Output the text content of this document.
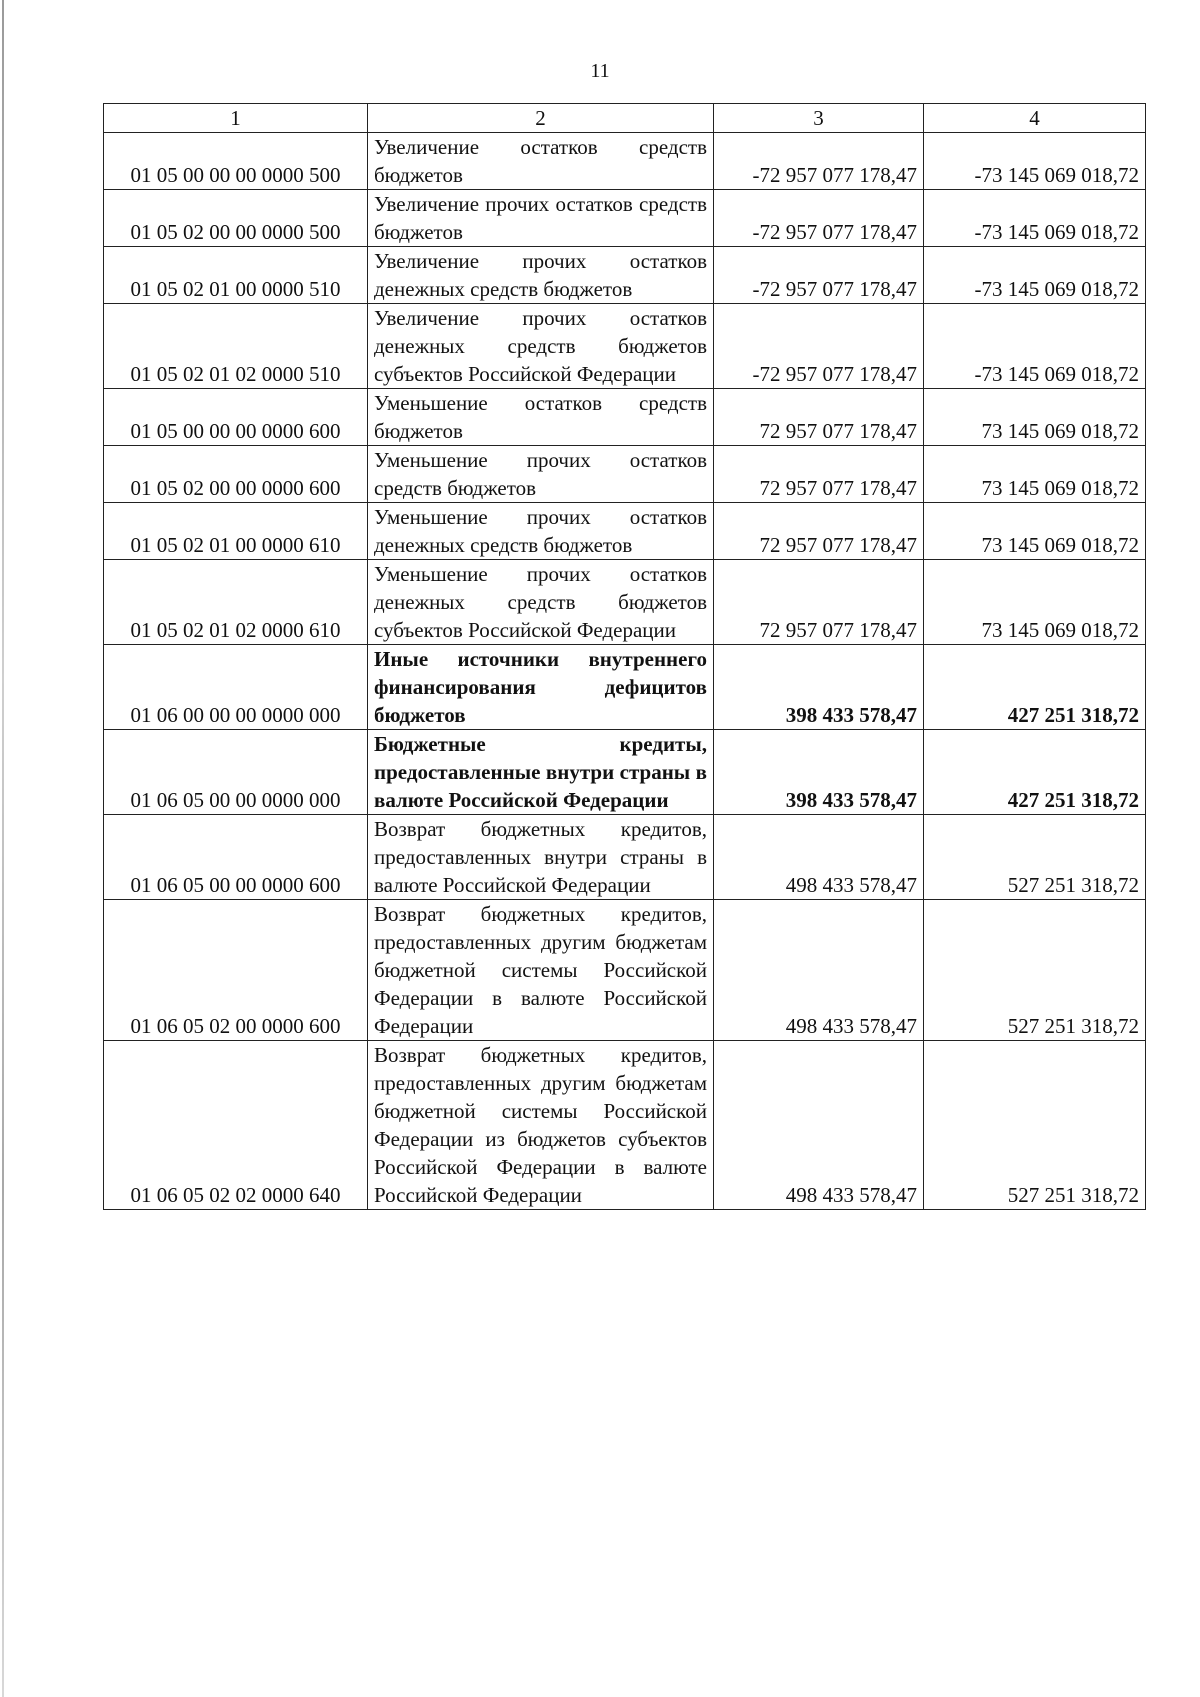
11
1	2	3	4
01 05 00 00 00 0000 500	Увеличение остатков средств бюджетов	-72 957 077 178,47	-73 145 069 018,72
01 05 02 00 00 0000 500	Увеличение прочих остатков средств бюджетов	-72 957 077 178,47	-73 145 069 018,72
01 05 02 01 00 0000 510	Увеличение прочих остатков денежных средств бюджетов	-72 957 077 178,47	-73 145 069 018,72
01 05 02 01 02 0000 510	Увеличение прочих остатков денежных средств бюджетов субъектов Российской Федерации	-72 957 077 178,47	-73 145 069 018,72
01 05 00 00 00 0000 600	Уменьшение остатков средств бюджетов	72 957 077 178,47	73 145 069 018,72
01 05 02 00 00 0000 600	Уменьшение прочих остатков средств бюджетов	72 957 077 178,47	73 145 069 018,72
01 05 02 01 00 0000 610	Уменьшение прочих остатков денежных средств бюджетов	72 957 077 178,47	73 145 069 018,72
01 05 02 01 02 0000 610	Уменьшение прочих остатков денежных средств бюджетов субъектов Российской Федерации	72 957 077 178,47	73 145 069 018,72
01 06 00 00 00 0000 000	Иные источники внутреннего финансирования дефицитов бюджетов	398 433 578,47	427 251 318,72
01 06 05 00 00 0000 000	Бюджетные кредиты, предоставленные внутри страны в валюте Российской Федерации	398 433 578,47	427 251 318,72
01 06 05 00 00 0000 600	Возврат бюджетных кредитов, предоставленных внутри страны в валюте Российской Федерации	498 433 578,47	527 251 318,72
01 06 05 02 00 0000 600	Возврат бюджетных кредитов, предоставленных другим бюджетам бюджетной системы Российской Федерации в валюте Российской Федерации	498 433 578,47	527 251 318,72
01 06 05 02 02 0000 640	Возврат бюджетных кредитов, предоставленных другим бюджетам бюджетной системы Российской Федерации из бюджетов субъектов Российской Федерации в валюте Российской Федерации	498 433 578,47	527 251 318,72
